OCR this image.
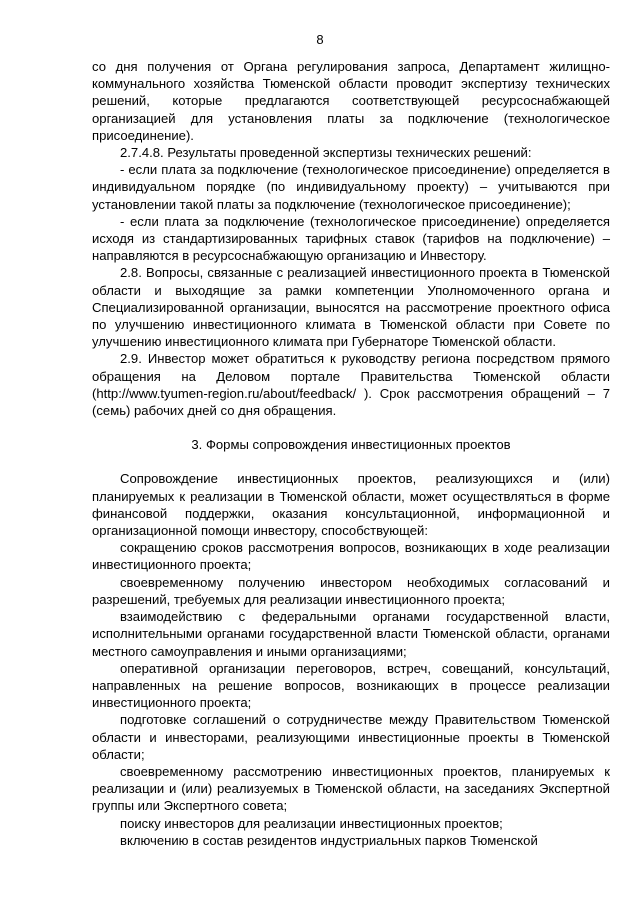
8

со дня получения от Органа регулирования запроса, Департамент жилищно-коммунального хозяйства Тюменской области проводит экспертизу технических решений, которые предлагаются соответствующей ресурсоснабжающей организацией для установления платы за подключение (технологическое присоединение).

2.7.4.8. Результаты проведенной экспертизы технических решений:

- если плата за подключение (технологическое присоединение) определяется в индивидуальном порядке (по индивидуальному проекту) – учитываются при установлении такой платы за подключение (технологическое присоединение);

- если плата за подключение (технологическое присоединение) определяется исходя из стандартизированных тарифных ставок (тарифов на подключение) – направляются в ресурсоснабжающую организацию и Инвестору.

2.8. Вопросы, связанные с реализацией инвестиционного проекта в Тюменской области и выходящие за рамки компетенции Уполномоченного органа и Специализированной организации, выносятся на рассмотрение проектного офиса по улучшению инвестиционного климата в Тюменской области при Совете по улучшению инвестиционного климата при Губернаторе Тюменской области.

2.9. Инвестор может обратиться к руководству региона посредством прямого обращения на Деловом портале Правительства Тюменской области (http://www.tyumen-region.ru/about/feedback/ ). Срок рассмотрения обращений – 7 (семь) рабочих дней со дня обращения.

3. Формы сопровождения инвестиционных проектов

Сопровождение инвестиционных проектов, реализующихся и (или) планируемых к реализации в Тюменской области, может осуществляться в форме финансовой поддержки, оказания консультационной, информационной и организационной помощи инвестору, способствующей:

сокращению сроков рассмотрения вопросов, возникающих в ходе реализации инвестиционного проекта;

своевременному получению инвестором необходимых согласований и разрешений, требуемых для реализации инвестиционного проекта;

взаимодействию с федеральными органами государственной власти, исполнительными органами государственной власти Тюменской области, органами местного самоуправления и иными организациями;

оперативной организации переговоров, встреч, совещаний, консультаций, направленных на решение вопросов, возникающих в процессе реализации инвестиционного проекта;

подготовке соглашений о сотрудничестве между Правительством Тюменской области и инвесторами, реализующими инвестиционные проекты в Тюменской области;

своевременному рассмотрению инвестиционных проектов, планируемых к реализации и (или) реализуемых в Тюменской области, на заседаниях Экспертной группы или Экспертного совета;

поиску инвесторов для реализации инвестиционных проектов;

включению в состав резидентов индустриальных парков Тюменской
